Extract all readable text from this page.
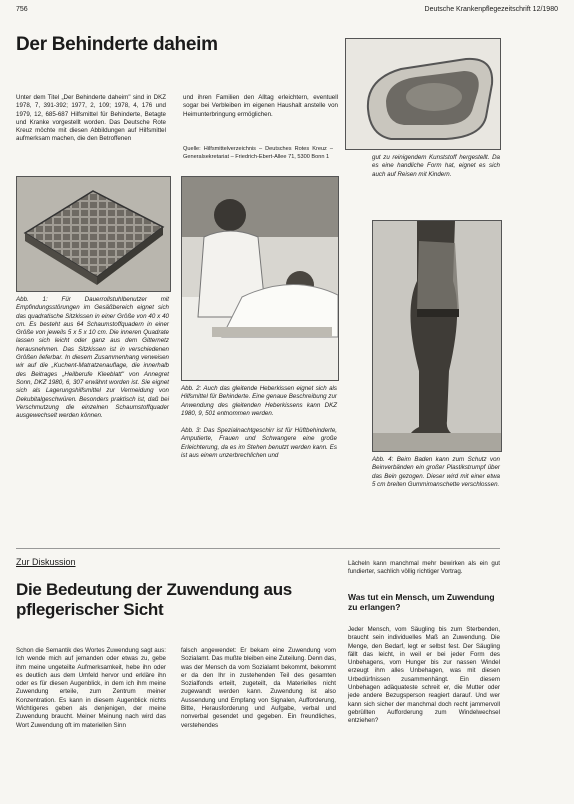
756	Deutsche Krankenpflegezeitschrift 12/1980
Der Behinderte daheim

Unter dem Titel „Der Behinderte daheim" sind in DKZ 1978, 7, 391-392; 1977, 2, 109; 1978, 4, 176 und 1979, 12, 685-687 Hilfsmittel für Behinderte, Betagte und Kranke vorgestellt worden. Das Deutsche Rote Kreuz möchte mit diesen Abbildungen auf Hilfsmittel aufmerksam machen, die den Betroffenen

und ihren Familien den Alltag erleichtern, eventuell sogar bei Verbleiben im eigenen Haushalt anstelle von Heimunterbringung ermöglichen.

Quelle: Hilfsmittelverzeichnis – Deutsches Rotes Kreuz – Generalsekretariat – Friedrich-Ebert-Allee 71, 5300 Bonn 1

Abb. 1: Für Dauerrollstuhlbenutzer mit Empfindungsstörungen im Gesäßbereich eignet sich das quadratische Sitzkissen in einer Größe von 40 x 40 cm. Es besteht aus 64 Schaumstoffquadern in einer Größe von jeweils 5 x 5 x 10 cm. Die inneren Quadrate lassen sich leicht oder ganz aus dem Gitternetz herausnehmen. Das Sitzkissen ist in verschiedenen Größen lieferbar. In diesem Zusammenhang verweisen wir auf die „Kuchent-Matratzenauflage, die innerhalb des Beitrages „Heilberufe Kleeblatt" von Annegret Sonn, DKZ 1980, 6, 307 erwähnt worden ist. Sie eignet sich als Lagerungshilfsmittel zur Vermeidung von Dekubitalgeschwüren. Besonders praktisch ist, daß bei Verschmutzung die einzelnen Schaumstoffquader ausgewechselt werden können.

Abb. 2: Auch das gleitende Heberkissen eignet sich als Hilfsmittel für Behinderte. Eine genaue Beschreibung zur Anwendung des gleitenden Heberkissens kann DKZ 1980, 9, 501 entnommen werden.

Abb. 3: Das Spezialnachtgeschirr ist für Hüftbehinderte, Amputierte, Frauen und Schwangere eine große Erleichterung, da es im Stehen benutzt werden kann. Es ist aus einem unzerbrechlichen und

gut zu reinigendem Kunststoff hergestellt. Da es eine handliche Form hat, eignet es sich auch auf Reisen mit Kindern.

Abb. 4: Beim Baden kann zum Schutz von Beinverbänden ein großer Plastikstrumpf über das Bein gezogen. Dieser wird mit einer etwa 5 cm breiten Gummimanschette verschlossen.

Zur Diskussion
Die Bedeutung der Zuwendung aus pflegerischer Sicht

Schon die Semantik des Wortes Zuwendung sagt aus: Ich wende mich auf jemanden oder etwas zu, gebe ihm meine ungeteilte Aufmerksamkeit, hebe ihn oder es deutlich aus dem Umfeld hervor und erkläre ihn oder es für diesen Augenblick, in dem ich ihm meine Zuwendung erteile, zum Zentrum meiner Konzentration. Es kann in diesem Augenblick nichts Wichtigeres geben als denjenigen, der meine Zuwendung braucht. Meiner Meinung nach wird das Wort Zuwendung oft im materiellen Sinn

falsch angewendet: Er bekam eine Zuwendung vom Sozialamt. Das mußte bleiben eine Zuteilung. Denn das, was der Mensch da vom Sozialamt bekommt, bekommt er da den Ihr in zustehenden Teil des gesamten Sozialfonds erteilt, zugeteilt, da Materielles nicht zugewandt werden kann. Zuwendung ist also Aussendung und Empfang von Signalen, Aufforderung, Bitte, Herausforderung und Aufgabe, verbal und nonverbal gesendet und gegeben. Ein freundliches, verstehendes

Lächeln kann manchmal mehr bewirken als ein gut fundierter, sachlich völlig richtiger Vortrag.

Was tut ein Mensch, um Zuwendung zu erlangen?

Jeder Mensch, vom Säugling bis zum Sterbenden, braucht sein individuelles Maß an Zuwendung. Die Menge, den Bedarf, legt er selbst fest. Der Säugling fällt das leicht, in weil er bei jeder Form des Unbehagens, vom Hunger bis zur nassen Windel erzeugt ihm alles Unbehagen, was mit diesen Urbedürfnissen zusammenhängt. Ein diesem Unbehagen adäquateste schreit er, die Mutter oder jede andere Bezugsperson reagiert darauf. Und wer kann sich sicher der manchmal doch recht jammervoll gebrüllten Aufforderung zum Windelwechsel entziehen?
